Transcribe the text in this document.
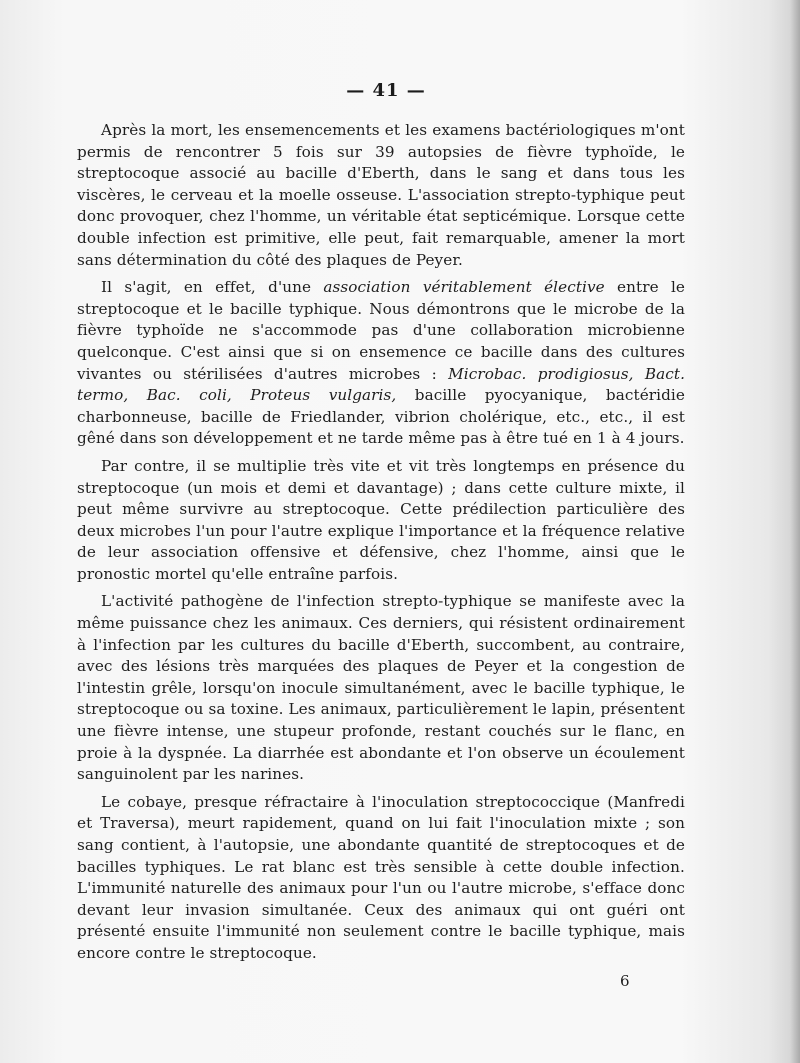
— 41 —

Après la mort, les ensemencements et les examens bactériologiques m'ont permis de rencontrer 5 fois sur 39 autopsies de fièvre typhoïde, le streptocoque associé au bacille d'Eberth, dans le sang et dans tous les viscères, le cerveau et la moelle osseuse. L'association strepto-typhique peut donc provoquer, chez l'homme, un véritable état septicémique. Lorsque cette double infection est primitive, elle peut, fait remarquable, amener la mort sans détermination du côté des plaques de Peyer.

Il s'agit, en effet, d'une association véritablement élective entre le streptocoque et le bacille typhique. Nous démontrons que le microbe de la fièvre typhoïde ne s'accommode pas d'une collaboration microbienne quelconque. C'est ainsi que si on ensemence ce bacille dans des cultures vivantes ou stérilisées d'autres microbes : Microbac. prodigiosus, Bact. termo, Bac. coli, Proteus vulgaris, bacille pyocyanique, bactéridie charbonneuse, bacille de Friedlander, vibrion cholérique, etc., etc., il est gêné dans son développement et ne tarde même pas à être tué en 1 à 4 jours.

Par contre, il se multiplie très vite et vit très longtemps en présence du streptocoque (un mois et demi et davantage) ; dans cette culture mixte, il peut même survivre au streptocoque. Cette prédilection particulière des deux microbes l'un pour l'autre explique l'importance et la fréquence relative de leur association offensive et défensive, chez l'homme, ainsi que le pronostic mortel qu'elle entraîne parfois.

L'activité pathogène de l'infection strepto-typhique se manifeste avec la même puissance chez les animaux. Ces derniers, qui résistent ordinairement à l'infection par les cultures du bacille d'Eberth, succombent, au contraire, avec des lésions très marquées des plaques de Peyer et la congestion de l'intestin grêle, lorsqu'on inocule simultanément, avec le bacille typhique, le streptocoque ou sa toxine. Les animaux, particulièrement le lapin, présentent une fièvre intense, une stupeur profonde, restant couchés sur le flanc, en proie à la dyspnée. La diarrhée est abondante et l'on observe un écoulement sanguinolent par les narines.

Le cobaye, presque réfractaire à l'inoculation streptococcique (Manfredi et Traversa), meurt rapidement, quand on lui fait l'inoculation mixte ; son sang contient, à l'autopsie, une abondante quantité de streptocoques et de bacilles typhiques. Le rat blanc est très sensible à cette double infection. L'immunité naturelle des animaux pour l'un ou l'autre microbe, s'efface donc devant leur invasion simultanée. Ceux des animaux qui ont guéri ont présenté ensuite l'immunité non seulement contre le bacille typhique, mais encore contre le streptocoque.

6
